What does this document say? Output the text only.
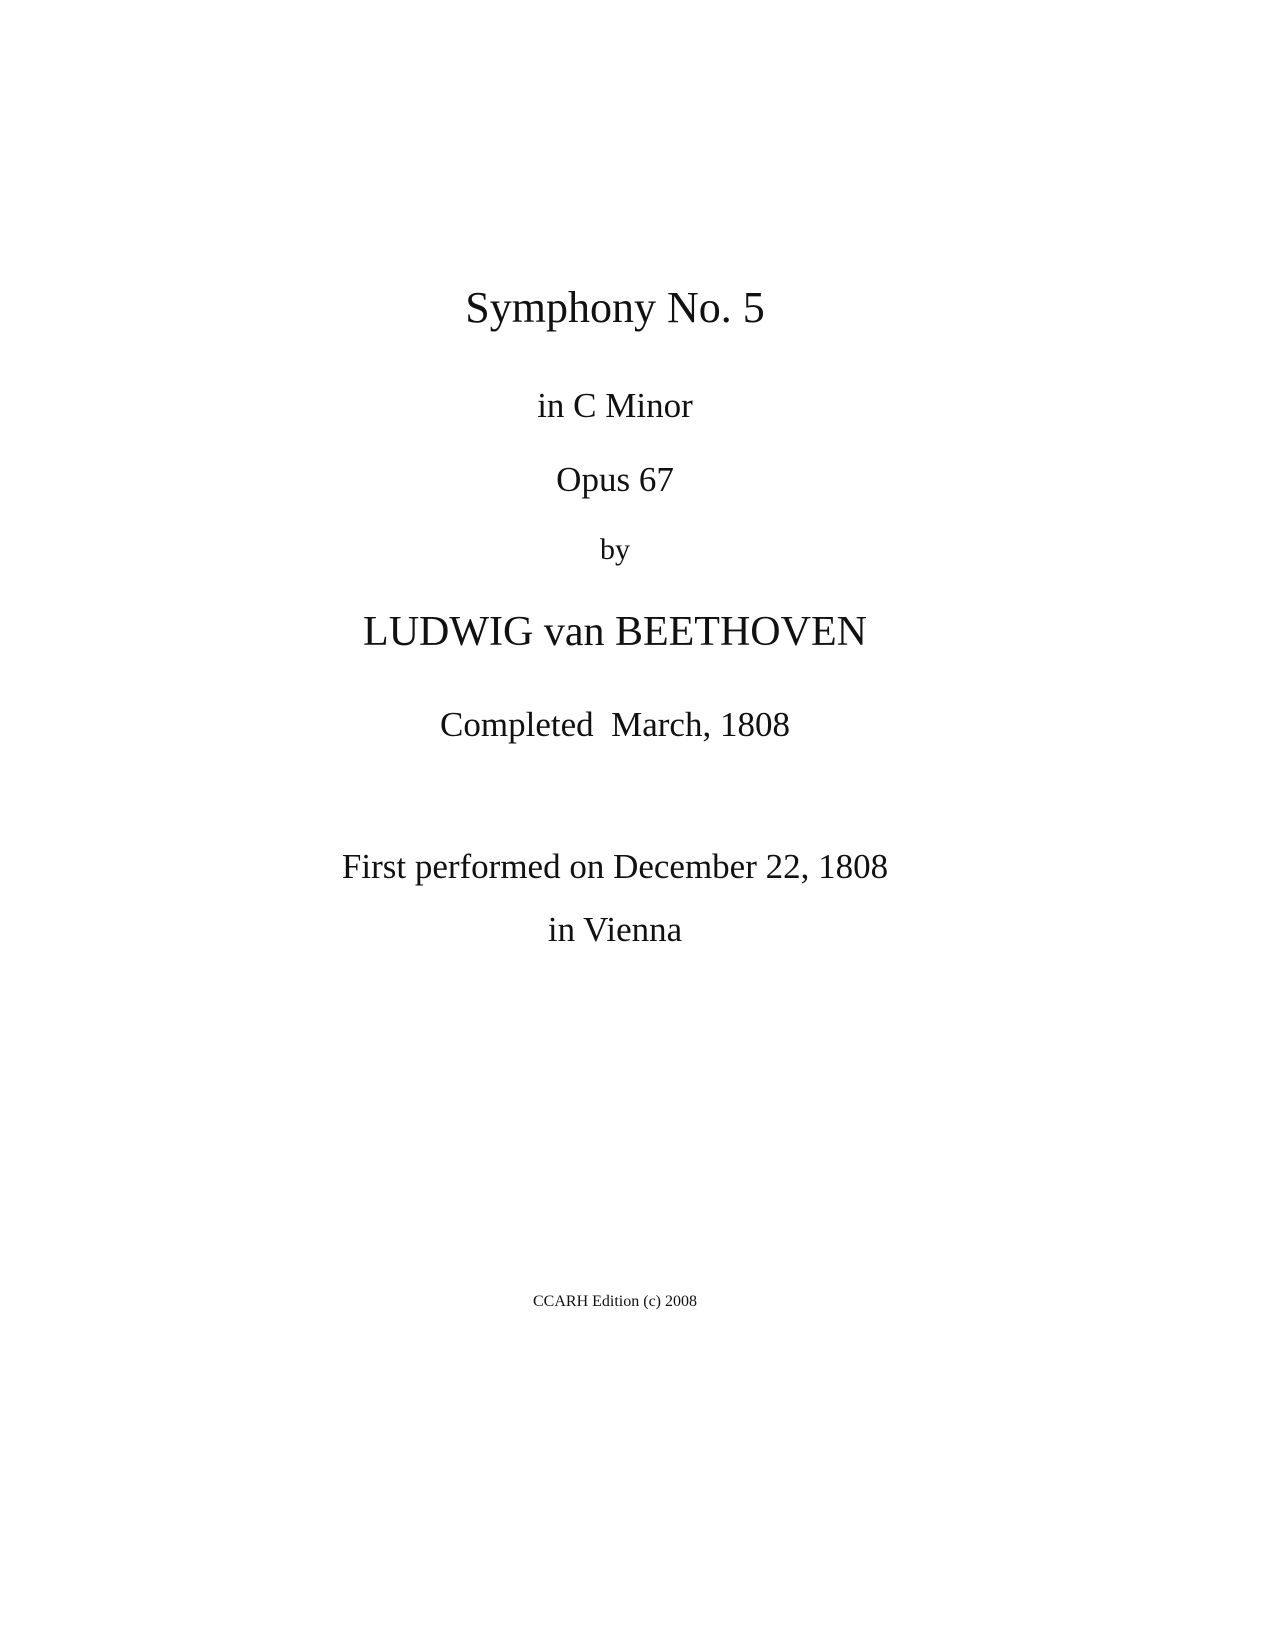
Symphony No. 5
in C Minor
Opus 67
by
LUDWIG van BEETHOVEN
Completed  March, 1808
First performed on December 22, 1808
in Vienna
CCARH Edition (c) 2008
